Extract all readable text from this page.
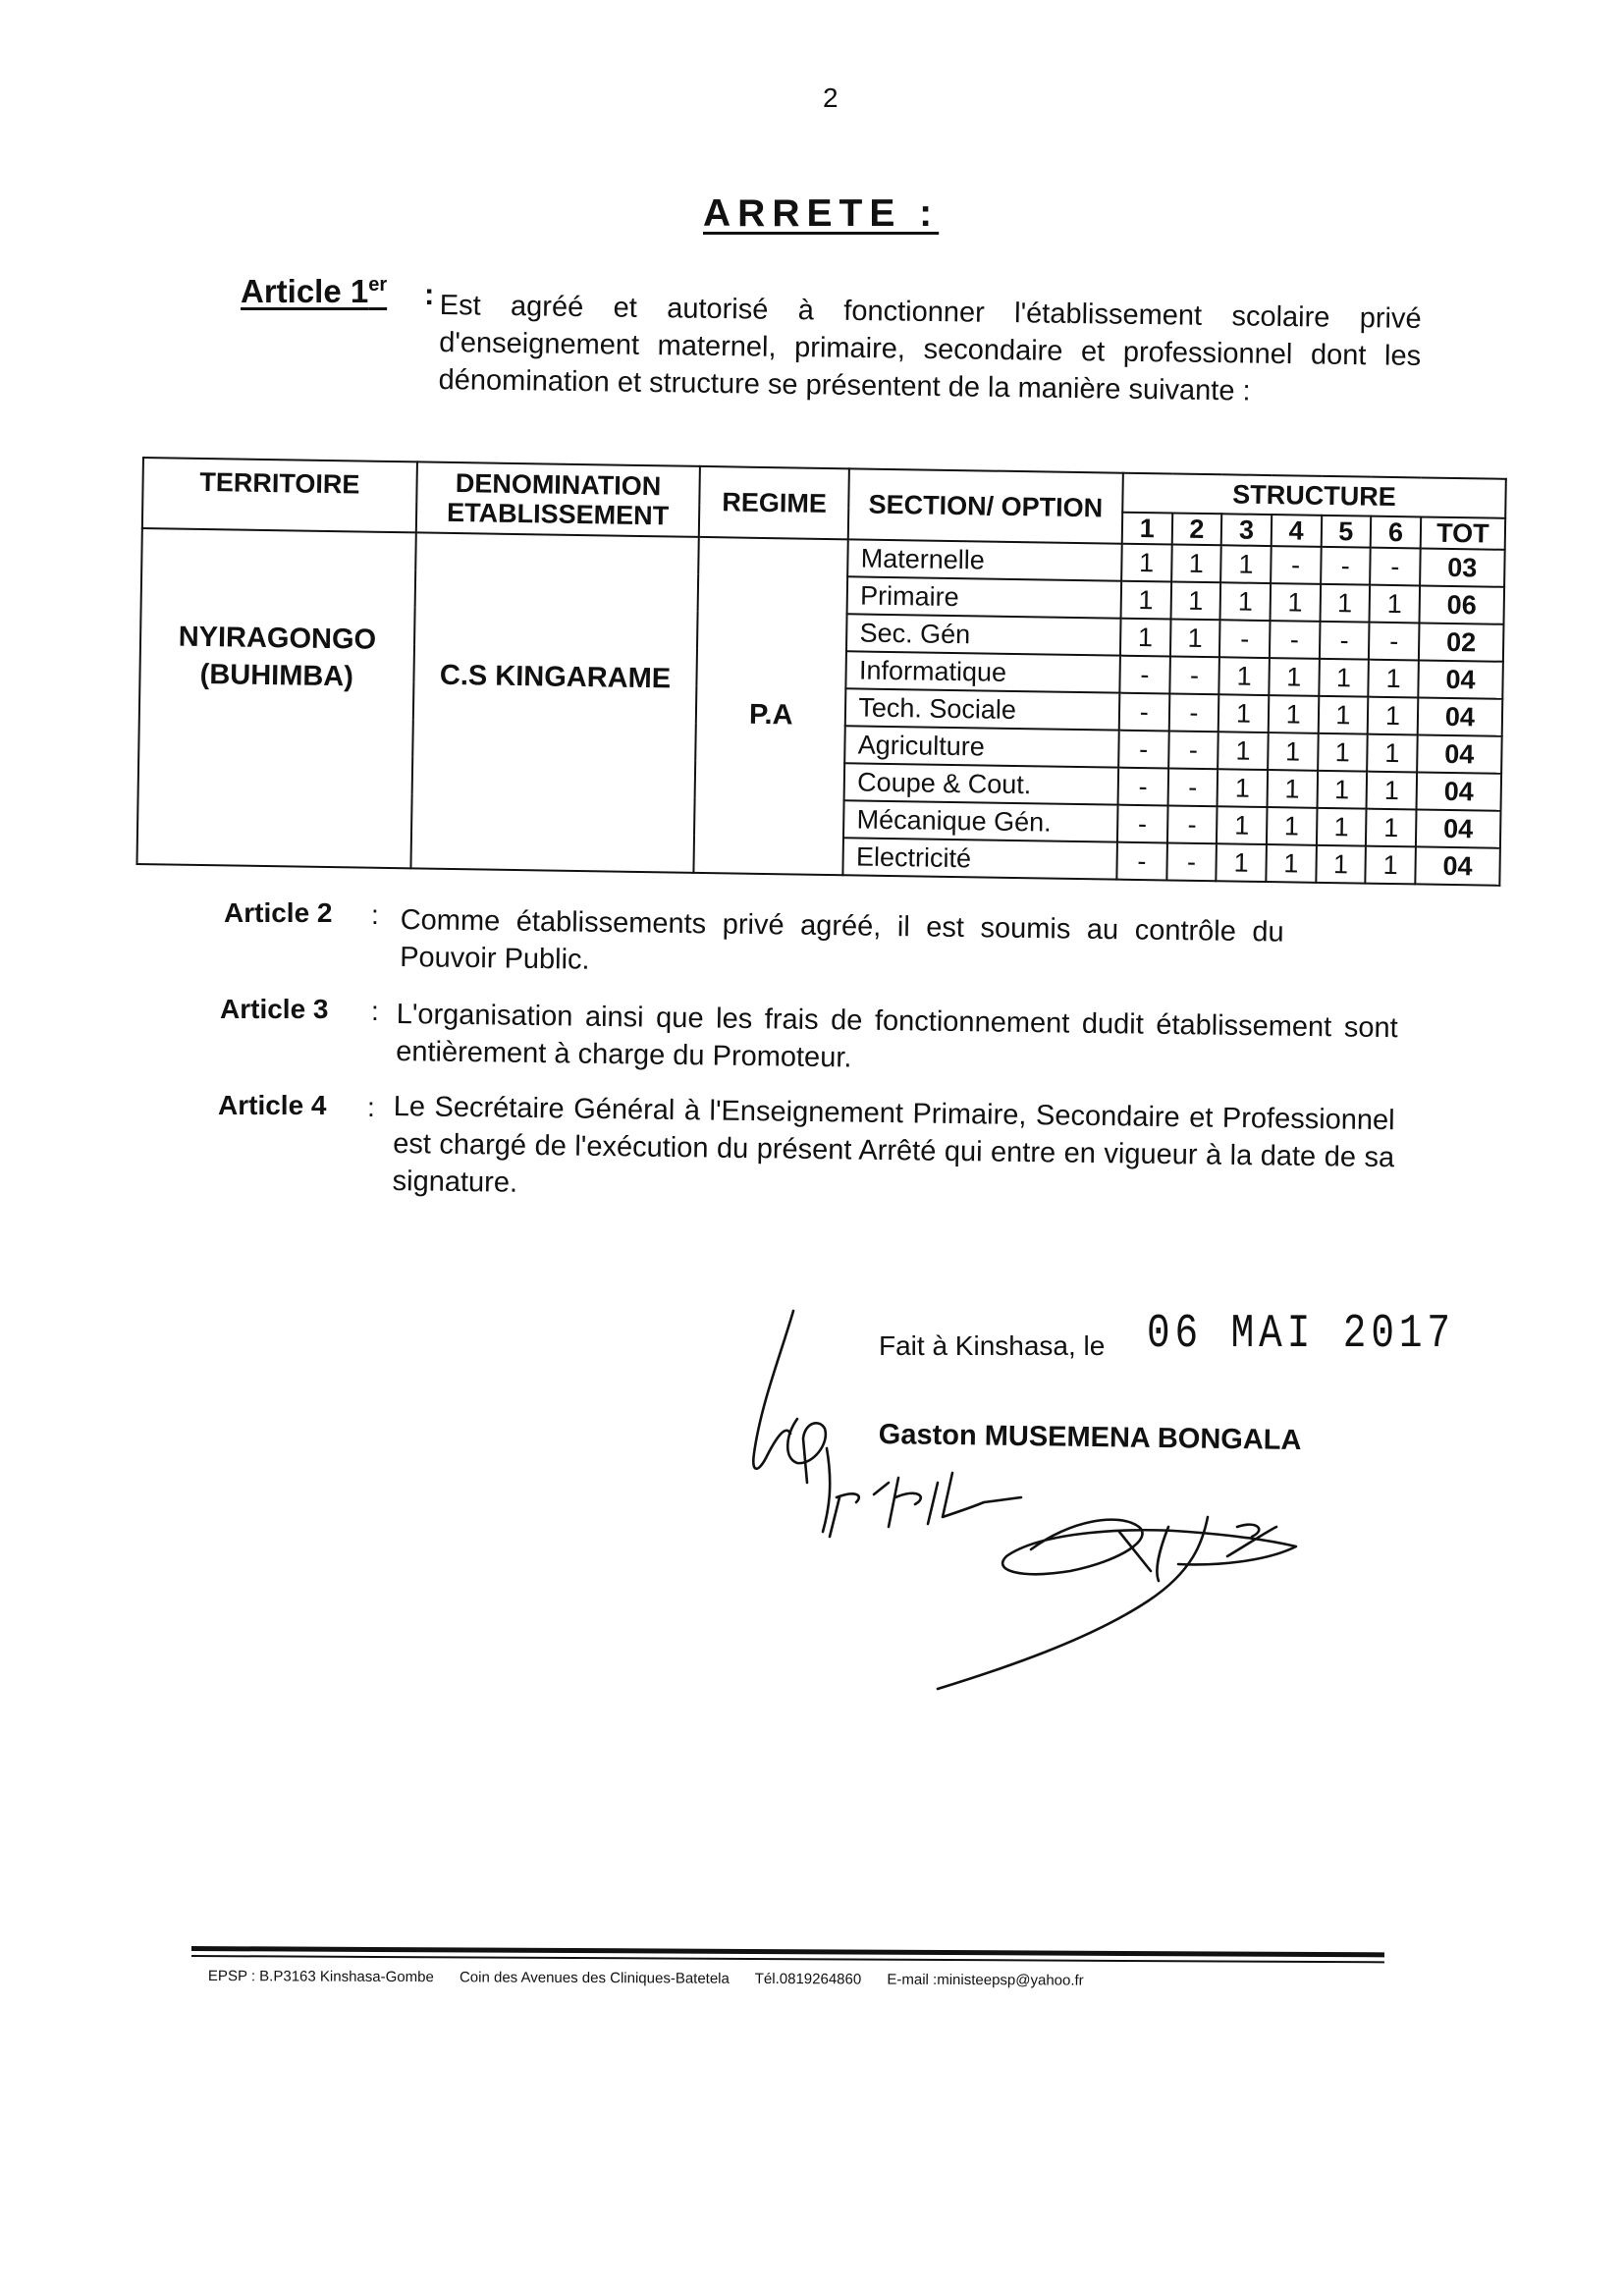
2
ARRETE :
Article 1er : Est agréé et autorisé à fonctionner l'établissement scolaire privé d'enseignement maternel, primaire, secondaire et professionnel dont les dénomination et structure se présentent de la manière suivante :
TERRITOIRE	DENOMINATION ETABLISSEMENT	REGIME	SECTION/ OPTION	STRUCTURE						
				1	2	3	4	5	6	TOT
NYIRAGONGO (BUHIMBA)	C.S KINGARAME	P.A	Maternelle	1	1	1	-	-	-	03
			Primaire	1	1	1	1	1	1	06
			Sec. Gén	1	1	-	-	-	-	02
			Informatique	-	-	1	1	1	1	04
			Tech. Sociale	-	-	1	1	1	1	04
			Agriculture	-	-	1	1	1	1	04
			Coupe & Cout.	-	-	1	1	1	1	04
			Mécanique Gén.	-	-	1	1	1	1	04
			Electricité	-	-	1	1	1	1	04
Article 2 : Comme établissements privé agréé, il est soumis au contrôle du Pouvoir Public.
Article 3 : L'organisation ainsi que les frais de fonctionnement dudit établissement sont entièrement à charge du Promoteur.
Article 4 : Le Secrétaire Général à l'Enseignement Primaire, Secondaire et Professionnel est chargé de l'exécution du présent Arrêté qui entre en vigueur à la date de sa signature.
Fait à Kinshasa, le 06 MAI 2017
Gaston MUSEMENA BONGALA
EPSP : B.P3163 Kinshasa-Gombe Coin des Avenues des Cliniques-Batetela Tél.0819264860 E-mail :ministeepsp@yahoo.fr
